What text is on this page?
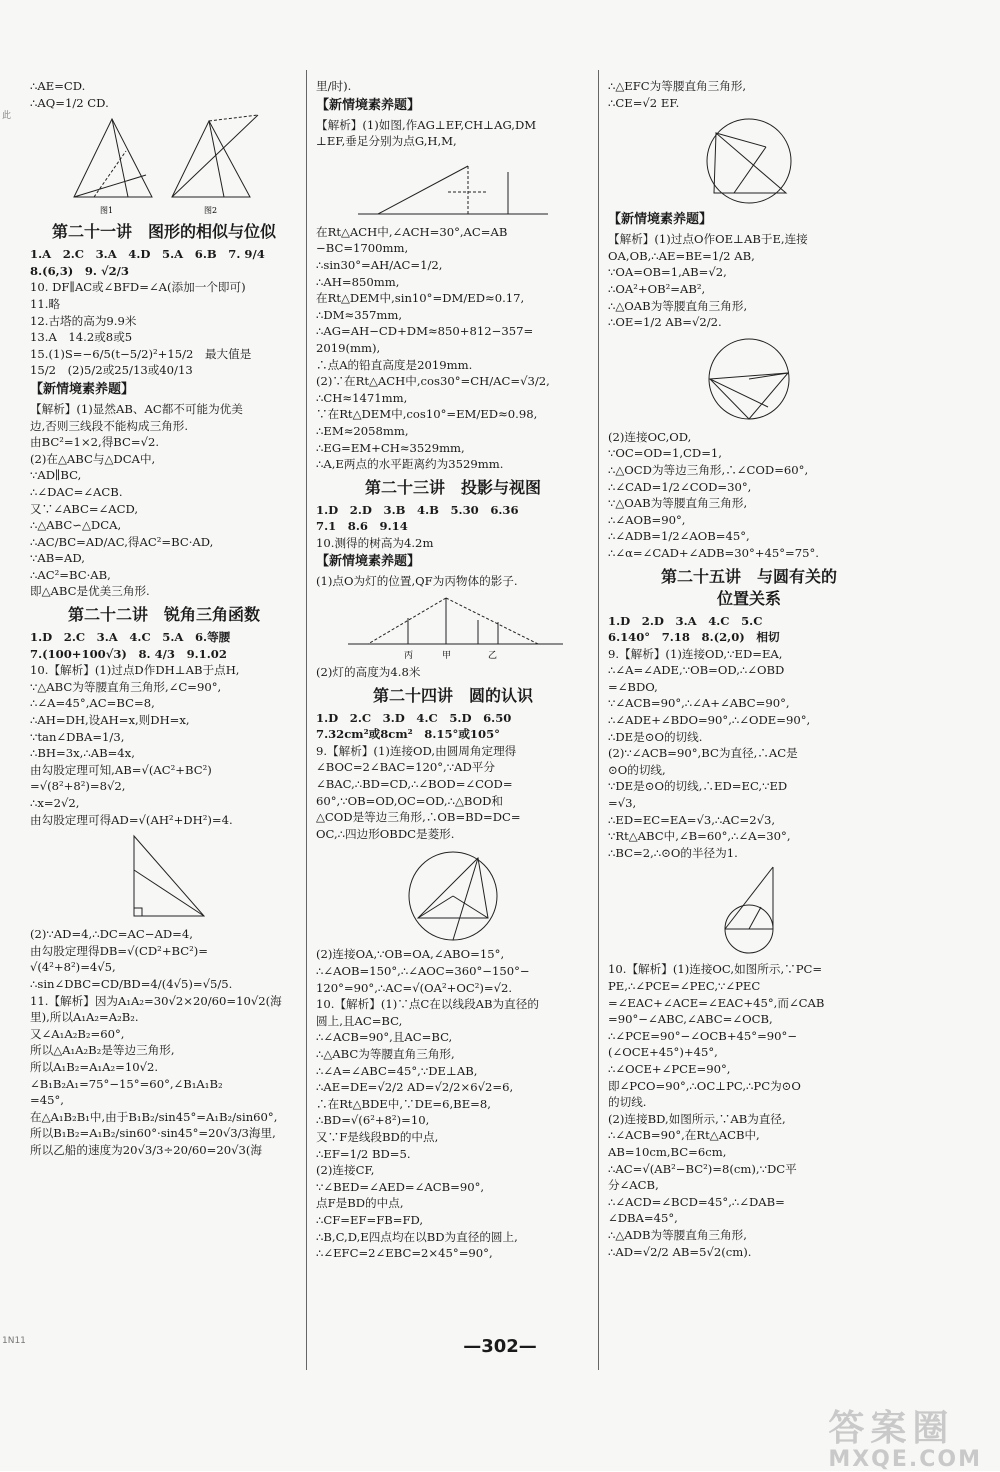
此
1N11
∴AE=CD.
∴AQ=1/2 CD.
图1	图2
第二十一讲　图形的相似与位似
1.A　2.C　3.A　4.D　5.A　6.B　7. 9/4
8.(6,3)　9. √2/3
10. DF∥AC或∠BFD=∠A(添加一个即可)
11.略
12.古塔的高为9.9米
13.A　14.2或8或5
15.(1)S=−6/5(t−5/2)²+15/2　最大值是
15/2　(2)5/2或25/13或40/13
【新情境素养题】
【解析】(1)显然AB、AC都不可能为优美
边,否则三线段不能构成三角形.
由BC²=1×2,得BC=√2.
(2)在△ABC与△DCA中,
∵AD∥BC,
∴∠DAC=∠ACB.
又∵∠ABC=∠ACD,
∴△ABC∽△DCA,
∴AC/BC=AD/AC,得AC²=BC·AD,
∵AB=AD,
∴AC²=BC·AB,
即△ABC是优美三角形.
第二十二讲　锐角三角函数
1.D　2.C　3.A　4.C　5.A　6.等腰
7.(100+100√3)　8. 4/3　9.1.02
10.【解析】(1)过点D作DH⊥AB于点H,
∵△ABC为等腰直角三角形,∠C=90°,
∴∠A=45°,AC=BC=8,
∴AH=DH,设AH=x,则DH=x,
∵tan∠DBA=1/3,
∴BH=3x,∴AB=4x,
由勾股定理可知,AB=√(AC²+BC²)
=√(8²+8²)=8√2,
∴x=2√2,
由勾股定理可得AD=√(AH²+DH²)=4.
(2)∵AD=4,∴DC=AC−AD=4,
由勾股定理得DB=√(CD²+BC²)=
√(4²+8²)=4√5,
∴sin∠DBC=CD/BD=4/(4√5)=√5/5.
11.【解析】因为A₁A₂=30√2×20/60=10√2(海
里),所以A₁A₂=A₂B₂.
又∠A₁A₂B₂=60°,
所以△A₁A₂B₂是等边三角形,
所以A₁B₂=A₁A₂=10√2.
∠B₁B₂A₁=75°−15°=60°,∠B₁A₁B₂
=45°,
在△A₁B₂B₁中,由于B₁B₂/sin45°=A₁B₂/sin60°,
所以B₁B₂=A₁B₂/sin60°·sin45°=20√3/3海里,
所以乙船的速度为20√3/3÷20/60=20√3(海
里/时).
【新情境素养题】
【解析】(1)如图,作AG⊥EF,CH⊥AG,DM
⊥EF,垂足分别为点G,H,M,
在Rt△ACH中,∠ACH=30°,AC=AB
−BC=1700mm,
∴sin30°=AH/AC=1/2,
∴AH=850mm,
在Rt△DEM中,sin10°=DM/ED≈0.17,
∴DM≈357mm,
∴AG=AH−CD+DM≈850+812−357=
2019(mm),
∴点A的铅直高度是2019mm.
(2)∵在Rt△ACH中,cos30°=CH/AC=√3/2,
∴CH≈1471mm,
∵在Rt△DEM中,cos10°=EM/ED≈0.98,
∴EM≈2058mm,
∴EG=EM+CH≈3529mm,
∴A,E两点的水平距离约为3529mm.
第二十三讲　投影与视图
1.D　2.D　3.B　4.B　5.30　6.36
7.1　8.6　9.14
10.测得的树高为4.2m
【新情境素养题】
(1)点O为灯的位置,QF为丙物体的影子.
丙	甲	乙
(2)灯的高度为4.8米
第二十四讲　圆的认识
1.D　2.C　3.D　4.C　5.D　6.50
7.32cm²或8cm²　8.15°或105°
9.【解析】(1)连接OD,由圆周角定理得
∠BOC=2∠BAC=120°,∵AD平分
∠BAC,∴BD=CD,∴∠BOD=∠COD=
60°,∵OB=OD,OC=OD,∴△BOD和
△COD是等边三角形,∴OB=BD=DC=
OC,∴四边形OBDC是菱形.
(2)连接OA,∵OB=OA,∠ABO=15°,
∴∠AOB=150°,∴∠AOC=360°−150°−
120°=90°,∴AC=√(OA²+OC²)=√2.
10.【解析】(1)∵点C在以线段AB为直径的
圆上,且AC=BC,
∴∠ACB=90°,且AC=BC,
∴△ABC为等腰直角三角形,
∴∠A=∠ABC=45°,∵DE⊥AB,
∴AE=DE=√2/2 AD=√2/2×6√2=6,
∴在Rt△BDE中,∵DE=6,BE=8,
∴BD=√(6²+8²)=10,
又∵F是线段BD的中点,
∴EF=1/2 BD=5.
(2)连接CF,
∵∠BED=∠AED=∠ACB=90°,
点F是BD的中点,
∴CF=EF=FB=FD,
∴B,C,D,E四点均在以BD为直径的圆上,
∴∠EFC=2∠EBC=2×45°=90°,
∴△EFC为等腰直角三角形,
∴CE=√2 EF.
【新情境素养题】
【解析】(1)过点O作OE⊥AB于E,连接
OA,OB,∴AE=BE=1/2 AB,
∵OA=OB=1,AB=√2,
∴OA²+OB²=AB²,
∴△OAB为等腰直角三角形,
∴OE=1/2 AB=√2/2.
(2)连接OC,OD,
∵OC=OD=1,CD=1,
∴△OCD为等边三角形,∴∠COD=60°,
∴∠CAD=1/2∠COD=30°,
∵△OAB为等腰直角三角形,
∴∠AOB=90°,
∴∠ADB=1/2∠AOB=45°,
∴∠α=∠CAD+∠ADB=30°+45°=75°.
第二十五讲　与圆有关的
位置关系
1.D　2.D　3.A　4.C　5.C
6.140°　7.18　8.(2,0)　相切
9.【解析】(1)连接OD,∵ED=EA,
∴∠A=∠ADE,∵OB=OD,∴∠OBD
=∠BDO,
∵∠ACB=90°,∴∠A+∠ABC=90°,
∴∠ADE+∠BDO=90°,∴∠ODE=90°,
∴DE是⊙O的切线.
(2)∵∠ACB=90°,BC为直径,∴AC是
⊙O的切线,
∵DE是⊙O的切线,∴ED=EC,∵ED
=√3,
∴ED=EC=EA=√3,∴AC=2√3,
∵Rt△ABC中,∠B=60°,∴∠A=30°,
∴BC=2,∴⊙O的半径为1.
10.【解析】(1)连接OC,如图所示,∵PC=
PE,∴∠PCE=∠PEC,∵∠PEC
=∠EAC+∠ACE=∠EAC+45°,而∠CAB
=90°−∠ABC,∠ABC=∠OCB,
∴∠PCE=90°−∠OCB+45°=90°−
(∠OCE+45°)+45°,
∴∠OCE+∠PCE=90°,
即∠PCO=90°,∴OC⊥PC,∴PC为⊙O
的切线.
(2)连接BD,如图所示,∵AB为直径,
∴∠ACB=90°,在Rt△ACB中,
AB=10cm,BC=6cm,
∴AC=√(AB²−BC²)=8(cm),∵DC平
分∠ACB,
∴∠ACD=∠BCD=45°,∴∠DAB=
∠DBA=45°,
∴△ADB为等腰直角三角形,
∴AD=√2/2 AB=5√2(cm).
—302—
答案圈
MXQE.COM
